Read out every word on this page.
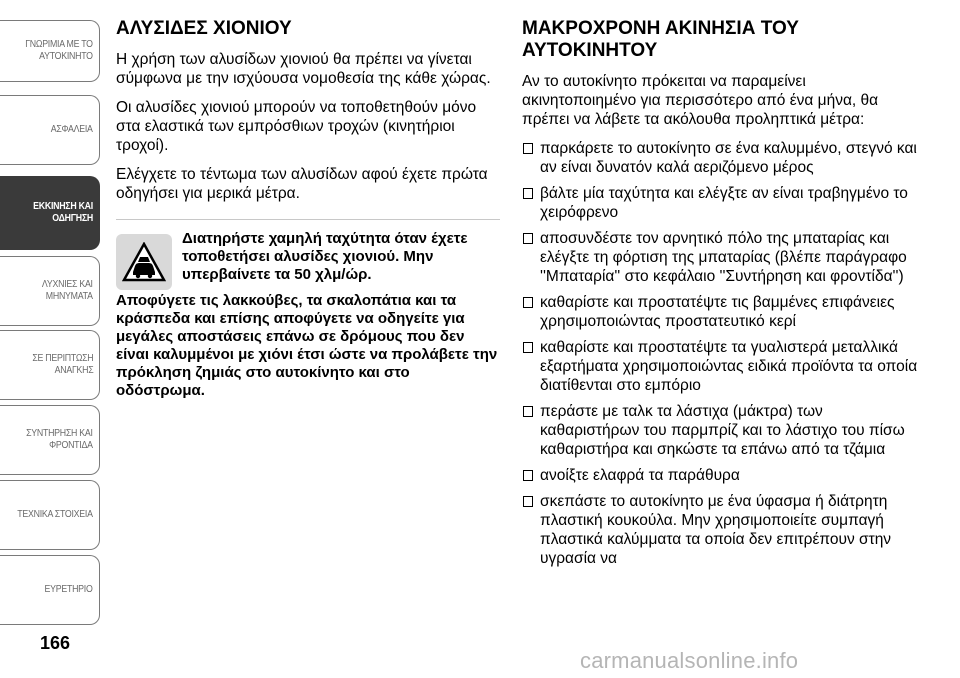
ΓΝΩΡΙΜΙΑ ΜΕ ΤΟ
ΑΥΤΟΚΙΝΗΤΟ
ΑΣΦΑΛΕΙΑ
ΕΚΚΙΝΗΣΗ ΚΑΙ
ΟΔΗΓΗΣΗ
ΛΥΧΝΙΕΣ ΚΑΙ
ΜΗΝΥΜΑΤΑ
ΣΕ ΠΕΡΙΠΤΩΣΗ
ΑΝΑΓΚΗΣ
ΣΥΝΤΗΡΗΣΗ ΚΑΙ
ΦΡΟΝΤΙΔΑ
ΤΕΧΝΙΚΑ ΣΤΟΙΧΕΙΑ
ΕΥΡΕΤΗΡΙΟ
166
ΑΛΥΣΙΔΕΣ ΧΙΟΝΙΟΥ

Η χρήση των αλυσίδων χιονιού θα πρέπει να γίνεται σύμφωνα με την ισχύουσα νομοθεσία της κάθε χώρας.

Οι αλυσίδες χιονιού μπορούν να τοποθετηθούν μόνο στα ελαστικά των εμπρόσθιων τροχών (κινητήριοι τροχοί).

Ελέγχετε το τέντωμα των αλυσίδων αφού έχετε πρώτα οδηγήσει για μερικά μέτρα.

Διατηρήστε χαμηλή ταχύτητα όταν έχετε τοποθετήσει αλυσίδες χιονιού. Μην υπερβαίνετε τα 50 χλμ/ώρ.
Αποφύγετε τις λακκούβες, τα σκαλοπάτια και τα κράσπεδα και επίσης αποφύγετε να οδηγείτε για μεγάλες αποστάσεις επάνω σε δρόμους που δεν είναι καλυμμένοι με χιόνι έτσι ώστε να προλάβετε την πρόκληση ζημιάς στο αυτοκίνητο και στο οδόστρωμα.
ΜΑΚΡΟΧΡΟΝΗ ΑΚΙΝΗΣΙΑ ΤΟΥ ΑΥΤΟΚΙΝΗΤΟΥ

Αν το αυτοκίνητο πρόκειται να παραμείνει ακινητοποιημένο για περισσότερο από ένα μήνα, θα πρέπει να λάβετε τα ακόλουθα προληπτικά μέτρα:

παρκάρετε το αυτοκίνητο σε ένα καλυμμένο, στεγνό και αν είναι δυνατόν καλά αεριζόμενο μέρος
βάλτε μία ταχύτητα και ελέγξτε αν είναι τραβηγμένο το χειρόφρενο
αποσυνδέστε τον αρνητικό πόλο της μπαταρίας και ελέγξτε τη φόρτιση της μπαταρίας (βλέπε παράγραφο ''Μπαταρία'' στο κεφάλαιο ''Συντήρηση και φροντίδα'')
καθαρίστε και προστατέψτε τις βαμμένες επιφάνειες χρησιμοποιώντας προστατευτικό κερί
καθαρίστε και προστατέψτε τα γυαλιστερά μεταλλικά εξαρτήματα χρησιμοποιώντας ειδικά προϊόντα τα οποία διατίθενται στο εμπόριο
περάστε με ταλκ τα λάστιχα (μάκτρα) των καθαριστήρων του παρμπρίζ και το λάστιχο του πίσω καθαριστήρα και σηκώστε τα επάνω από τα τζάμια
ανοίξτε ελαφρά τα παράθυρα
σκεπάστε το αυτοκίνητο με ένα ύφασμα ή διάτρητη πλαστική κουκούλα. Μην χρησιμοποιείτε συμπαγή πλαστικά καλύμματα τα οποία δεν επιτρέπουν στην υγρασία να
carmanualsonline.info
